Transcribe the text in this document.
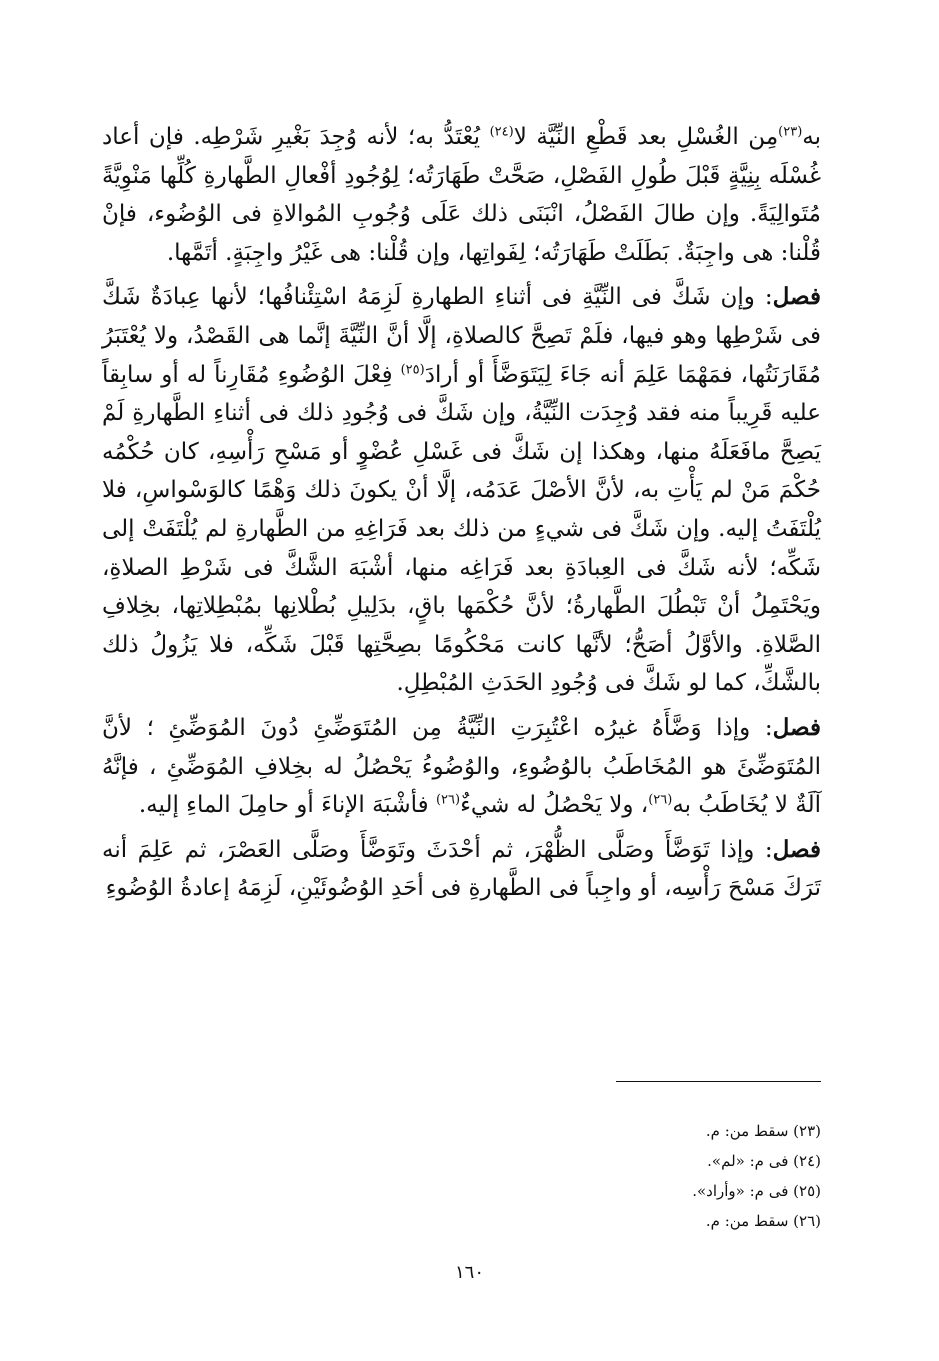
به$^{(٢٣)}$مِن الغُسْلِ بعد قَطْعِ النِّيَّة لا$^{(٢٤)}$ يُعْتَدُّ به؛ لأنه وُجِدَ بَغْيرِ شَرْطِه. فإن أعاد غُسْلَه بِنِيَّةٍ قَبْلَ طُولِ الفَصْلِ، صَحَّتْ طَهَارَتُه؛ لِوُجُودِ أفْعالِ الطَّهارةِ كُلِّها مَنْوِيَّةً مُتَوالِيَةً. وإن طالَ الفَصْلُ، انْبَنَى ذلك عَلَى وُجُوبِ المُوالاةِ فى الوُضُوء، فإنْ قُلْنا: هى واجِبَةٌ. بَطَلَتْ طَهَارَتُه؛ لِفَواتِها، وإن قُلْنا: هى غَيْرُ واجِبَةٍ. أتَمَّها.

فصل: وإن شَكَّ فى النِّيَّةِ فى أثناءِ الطهارةِ لَزِمَهُ اسْتِئْنافُها؛ لأنها عِبادَةٌ شَكَّ فى شَرْطِها وهو فيها، فلَمْ تَصِحَّ كالصلاةِ، إلَّا أنَّ النِّيَّةَ إنَّما هى القَصْدُ، ولا يُعْتَبَرُ مُقَارَنَتُها، فمَهْمَا عَلِمَ أنه جَاءَ لِيَتَوَضَّأَ أو أرادَ$^{(٢٥)}$ فِعْلَ الوُضُوءِ مُقَارِناً له أو سابِقاً عليه قَرِيباً منه فقد وُجِدَت النِّيَّةُ، وإن شَكَّ فى وُجُودِ ذلك فى أثناءِ الطَّهارةِ لَمْ يَصِحَّ مافَعَلَهُ منها، وهكذا إن شَكَّ فى غَسْلِ عُضْوٍ أو مَسْحِ رَأْسِهِ، كان حُكْمُه حُكْمَ مَنْ لم يَأْتِ به، لأنَّ الأصْلَ عَدَمُه، إلَّا أنْ يكونَ ذلك وَهْمًا كالوَسْواسِ، فلا يُلْتَفَتُ إليه. وإن شَكَّ فى شيءٍ من ذلك بعد فَرَاغِهِ من الطَّهارةِ لم يُلْتَفَتْ إلى شَكِّه؛ لأنه شَكَّ فى العِبادَةِ بعد فَرَاغِه منها، أشْبَهَ الشَّكَّ فى شَرْطِ الصلاةِ، ويَحْتَمِلُ أنْ تَبْطُلَ الطَّهارةُ؛ لأنَّ حُكْمَها باقٍ، بدَلِيلِ بُطْلانِها بمُبْطِلاتِها، بخِلافِ الصَّلاةِ. والأوَّلُ أصَحُّ؛ لأنَّها كانت مَحْكُومًا بصِحَّتِها قَبْلَ شَكِّه، فلا يَزُولُ ذلك بالشَّكِّ، كما لو شَكَّ فى وُجُودِ الحَدَثِ المُبْطِلِ.

فصل: وإذا وَضَّأَهُ غيرُه اعْتُبِرَتِ النِّيَّةُ مِن المُتَوَضِّئِ دُونَ المُوَضِّئِ ؛ لأنَّ المُتَوَضِّئَ هو المُخَاطَبُ بالوُضُوءِ، والوُضُوءُ يَحْصُلُ له بخِلافِ المُوَضِّئِ ، فإنَّهُ آلَةٌ لا يُخَاطَبُ به$^{(٢٦)}$، ولا يَحْصُلُ له شيءٌ$^{(٢٦)}$ فأشْبَهَ الإناءَ أو حامِلَ الماءِ إليه.

فصل: وإذا تَوَضَّأَ وصَلَّى الظُّهْرَ، ثم أحْدَثَ وتَوَضَّأَ وصَلَّى العَصْرَ، ثم عَلِمَ أنه تَرَكَ مَسْحَ رَأْسِه، أو واجِباً فى الطَّهارةِ فى أحَدِ الوُضُوئَيْنِ، لَزِمَهُ إعادةُ الوُضُوءِ

(٢٣) سقط من: م.

(٢٤) فى م: «لم».

(٢٥) فى م: «وأراد».

(٢٦) سقط من: م.

١٦٠
